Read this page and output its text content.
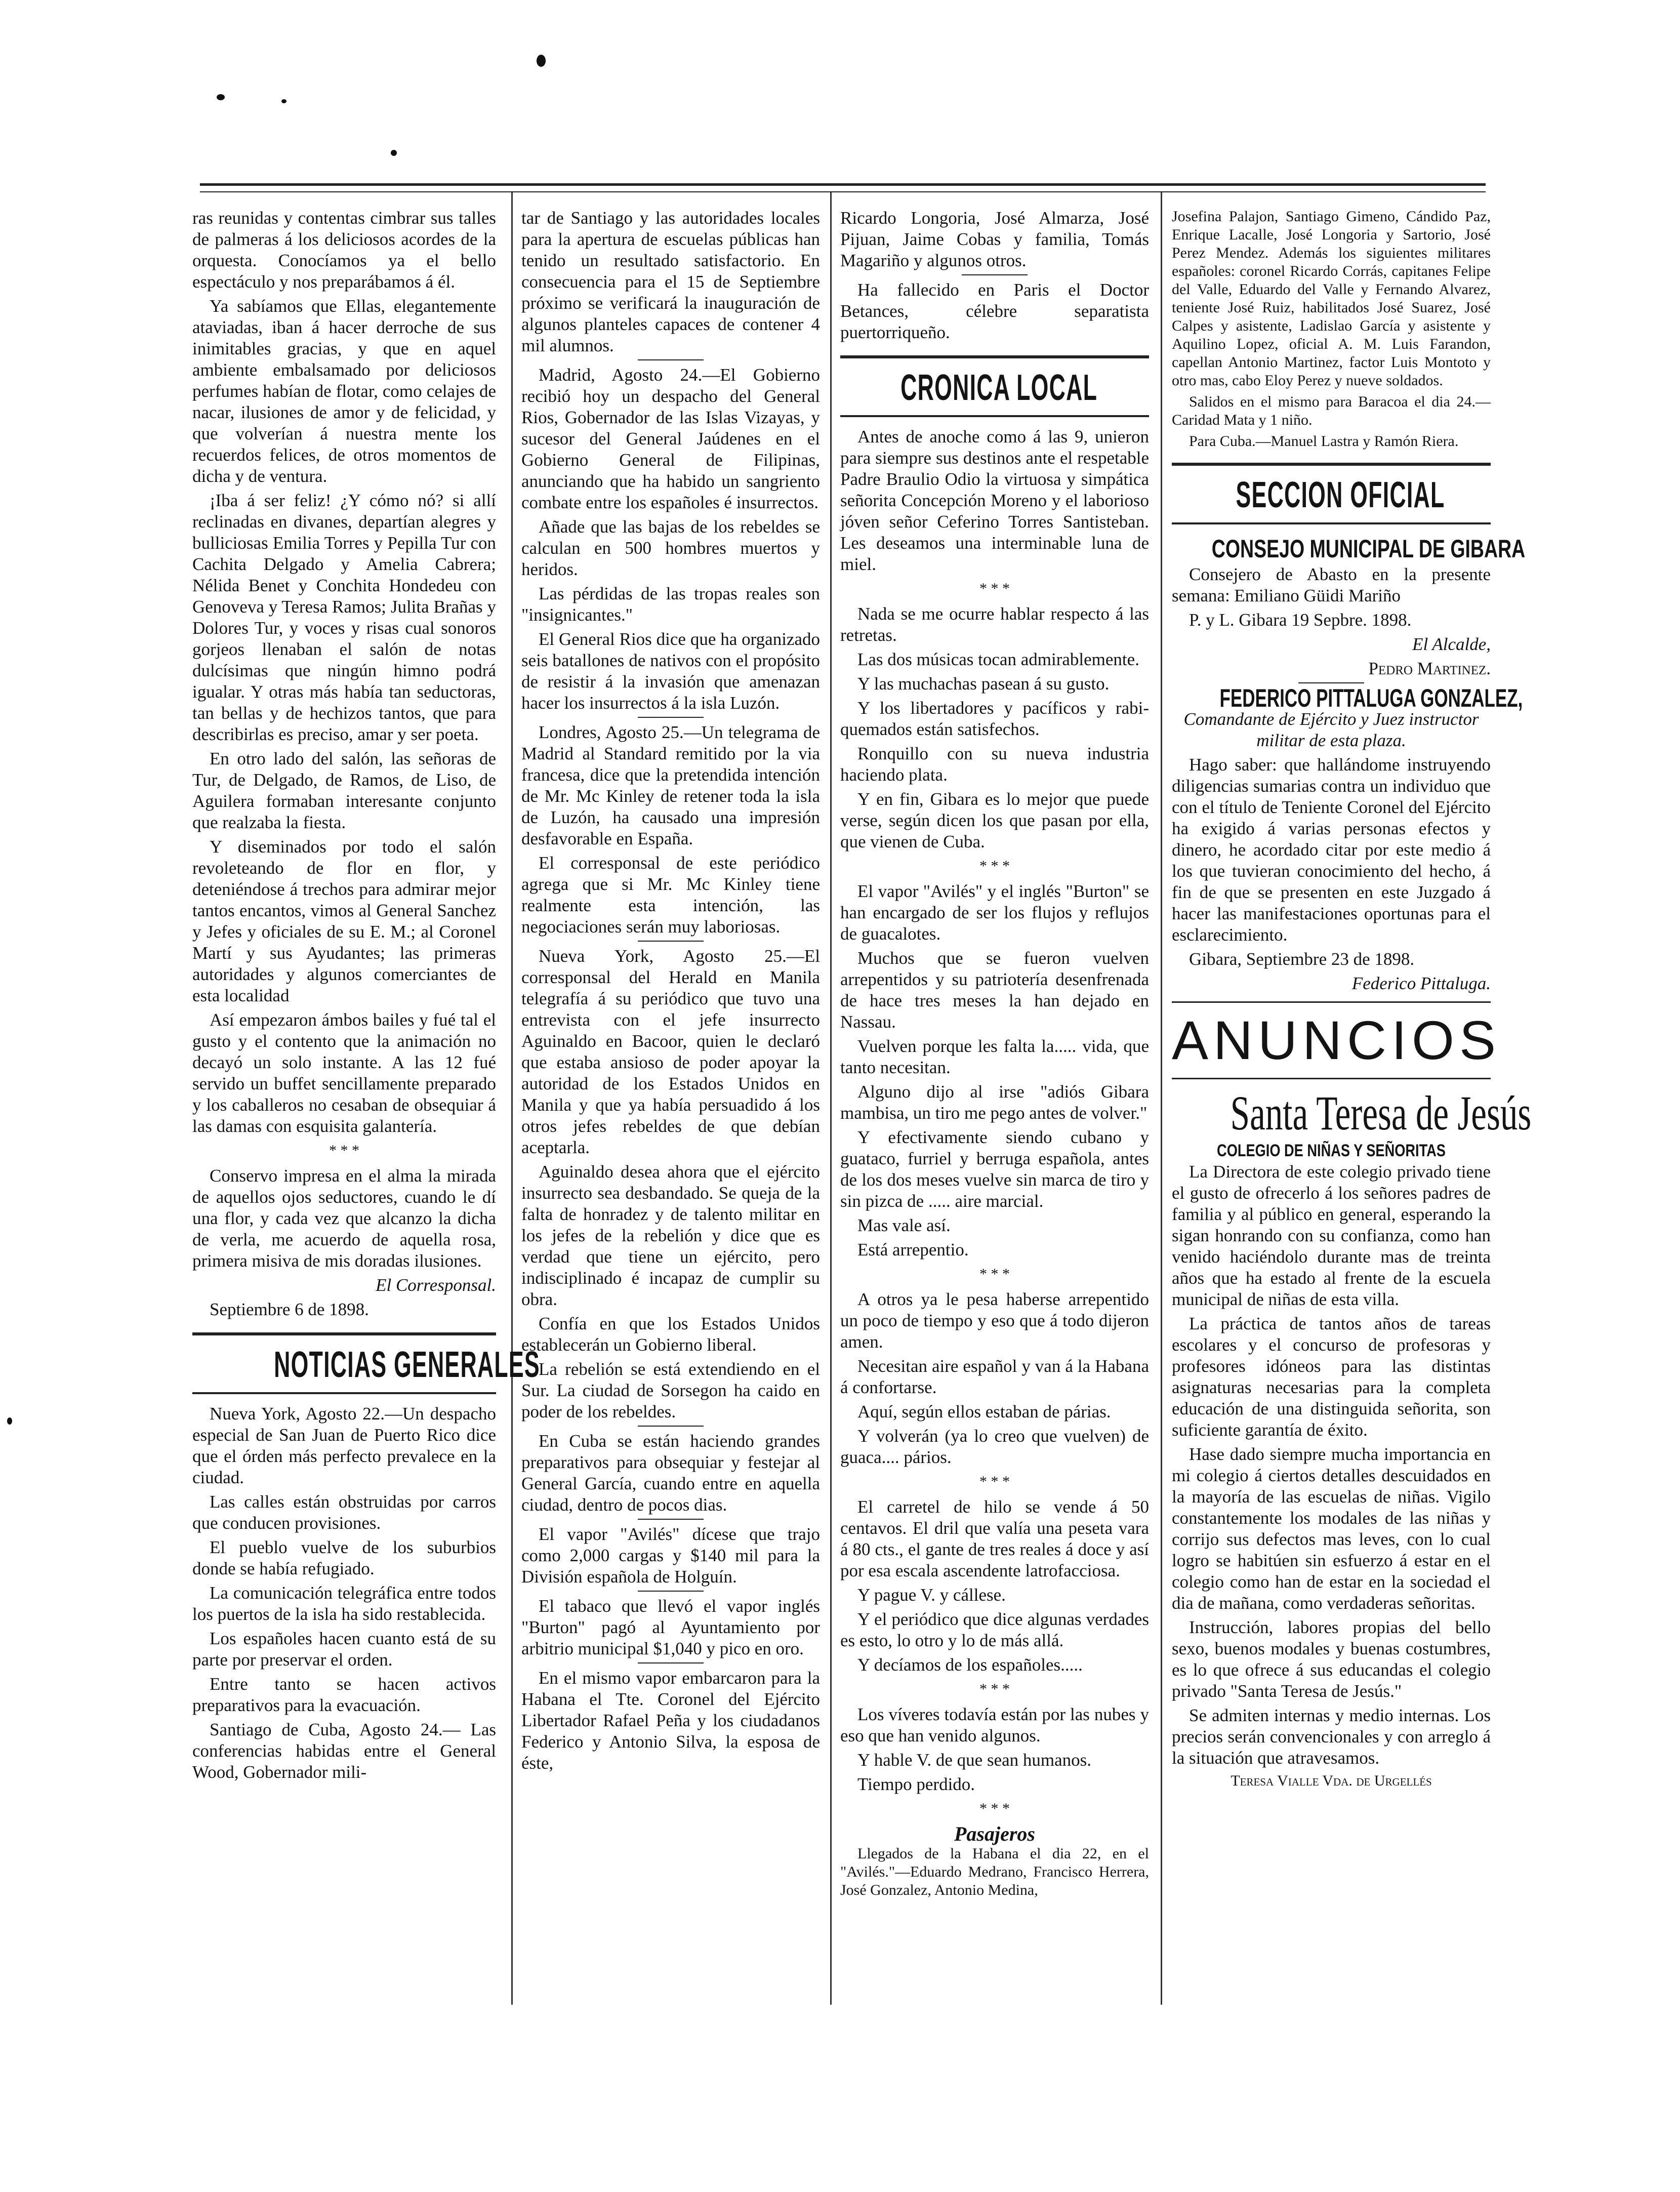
ras reunidas y contentas cimbrar sus talles de palmeras á los deliciosos acordes de la orquesta. Conocíamos ya el bello espectáculo y nos preparábamos á él.

Ya sabíamos que Ellas, elegantemente ataviadas, iban á hacer derroche de sus inimitables gracias, y que en aquel ambiente embalsamado por deliciosos perfumes habían de flotar, como celajes de nacar, ilusiones de amor y de felicidad, y que volverían á nuestra mente los recuerdos felices, de otros momentos de dicha y de ventura.

¡Iba á ser feliz! ¿Y cómo nó? si allí reclinadas en divanes, departían alegres y bulliciosas Emilia Torres y Pepilla Tur con Cachita Delgado y Amelia Cabrera; Nélida Benet y Conchita Hondedeu con Genoveva y Teresa Ramos; Julita Brañas y Dolores Tur, y voces y risas cual sonoros gorjeos llenaban el salón de notas dulcísimas que ningún himno podrá igualar. Y otras más había tan seductoras, tan bellas y de hechizos tantos, que para describirlas es preciso, amar y ser poeta.

En otro lado del salón, las señoras de Tur, de Delgado, de Ramos, de Liso, de Aguilera formaban interesante conjunto que realzaba la fiesta.

Y diseminados por todo el salón revoleteando de flor en flor, y deteniéndose á trechos para admirar mejor tantos encantos, vimos al General Sanchez y Jefes y oficiales de su E. M.; al Coronel Martí y sus Ayudantes; las primeras autoridades y algunos comerciantes de esta localidad

Así empezaron ámbos bailes y fué tal el gusto y el contento que la animación no decayó un solo instante. A las 12 fué servido un buffet sencillamente preparado y los caballeros no cesaban de obsequiar á las damas con esquisita galantería.

* * *

Conservo impresa en el alma la mirada de aquellos ojos seductores, cuando le dí una flor, y cada vez que alcanzo la dicha de verla, me acuerdo de aquella rosa, primera misiva de mis doradas ilusiones.

El Corresponsal.
Septiembre 6 de 1898.
NOTICIAS GENERALES

Nueva York, Agosto 22.—Un despacho especial de San Juan de Puerto Rico dice que el órden más perfecto prevalece en la ciudad.

Las calles están obstruidas por carros que conducen provisiones.

El pueblo vuelve de los suburbios donde se había refugiado.

La comunicación telegráfica entre todos los puertos de la isla ha sido restablecida.

Los españoles hacen cuanto está de su parte por preservar el orden.

Entre tanto se hacen activos preparativos para la evacuación.

Santiago de Cuba, Agosto 24.— Las conferencias habidas entre el General Wood, Gobernador mili-

tar de Santiago y las autoridades locales para la apertura de escuelas públicas han tenido un resultado satisfactorio. En consecuencia para el 15 de Septiembre próximo se verificará la inauguración de algunos planteles capaces de contener 4 mil alumnos.

Madrid, Agosto 24.—El Gobierno recibió hoy un despacho del General Rios, Gobernador de las Islas Vizayas, y sucesor del General Jaúdenes en el Gobierno General de Filipinas, anunciando que ha habido un sangriento combate entre los españoles é insurrectos.

Añade que las bajas de los rebeldes se calculan en 500 hombres muertos y heridos.

Las pérdidas de las tropas reales son "insignicantes."

El General Rios dice que ha organizado seis batallones de nativos con el propósito de resistir á la invasión que amenazan hacer los insurrectos á la isla Luzón.

Londres, Agosto 25.—Un telegrama de Madrid al Standard remitido por la via francesa, dice que la pretendida intención de Mr. Mc Kinley de retener toda la isla de Luzón, ha causado una impresión desfavorable en España.

El corresponsal de este periódico agrega que si Mr. Mc Kinley tiene realmente esta intención, las negociaciones serán muy laboriosas.

Nueva York, Agosto 25.—El corresponsal del Herald en Manila telegrafía á su periódico que tuvo una entrevista con el jefe insurrecto Aguinaldo en Bacoor, quien le declaró que estaba ansioso de poder apoyar la autoridad de los Estados Unidos en Manila y que ya había persuadido á los otros jefes rebeldes de que debían aceptarla.

Aguinaldo desea ahora que el ejército insurrecto sea desbandado. Se queja de la falta de honradez y de talento militar en los jefes de la rebelión y dice que es verdad que tiene un ejército, pero indisciplinado é incapaz de cumplir su obra.

Confía en que los Estados Unidos establecerán un Gobierno liberal.

La rebelión se está extendiendo en el Sur. La ciudad de Sorsegon ha caido en poder de los rebeldes.

En Cuba se están haciendo grandes preparativos para obsequiar y festejar al General García, cuando entre en aquella ciudad, dentro de pocos dias.

El vapor "Avilés" dícese que trajo como 2,000 cargas y $140 mil para la División española de Holguín.

El tabaco que llevó el vapor inglés "Burton" pagó al Ayuntamiento por arbitrio municipal $1,040 y pico en oro.

En el mismo vapor embarcaron para la Habana el Tte. Coronel del Ejército Libertador Rafael Peña y los ciudadanos Federico y Antonio Silva, la esposa de éste,

Ricardo Longoria, José Almarza, José Pijuan, Jaime Cobas y familia, Tomás Magariño y algunos otros.

Ha fallecido en Paris el Doctor Betances, célebre separatista puertorriqueño.

CRONICA LOCAL

Antes de anoche como á las 9, unieron para siempre sus destinos ante el respetable Padre Braulio Odio la virtuosa y simpática señorita Concepción Moreno y el laborioso jóven señor Ceferino Torres Santisteban. Les deseamos una interminable luna de miel.

* * *

Nada se me ocurre hablar respecto á las retretas.

Las dos músicas tocan admirablemente.

Y las muchachas pasean á su gusto.

Y los libertadores y pacíficos y rabi-quemados están satisfechos.

Ronquillo con su nueva industria haciendo plata.

Y en fin, Gibara es lo mejor que puede verse, según dicen los que pasan por ella, que vienen de Cuba.

* * *

El vapor "Avilés" y el inglés "Burton" se han encargado de ser los flujos y reflujos de guacalotes.

Muchos que se fueron vuelven arrepentidos y su patriotería desenfrenada de hace tres meses la han dejado en Nassau.

Vuelven porque les falta la..... vida, que tanto necesitan.

Alguno dijo al irse "adiós Gibara mambisa, un tiro me pego antes de volver."

Y efectivamente siendo cubano y guataco, furriel y berruga española, antes de los dos meses vuelve sin marca de tiro y sin pizca de ..... aire marcial.

Mas vale así.

Está arrepentio.

* * *

A otros ya le pesa haberse arrepentido un poco de tiempo y eso que á todo dijeron amen.

Necesitan aire español y van á la Habana á confortarse.

Aquí, según ellos estaban de párias.

Y volverán (ya lo creo que vuelven) de guaca.... pários.

* * *

El carretel de hilo se vende á 50 centavos. El dril que valía una peseta vara á 80 cts., el gante de tres reales á doce y así por esa escala ascendente latrofacciosa.

Y pague V. y cállese.

Y el periódico que dice algunas verdades es esto, lo otro y lo de más allá.

Y decíamos de los españoles.....

* * *

Los víveres todavía están por las nubes y eso que han venido algunos.

Y hable V. de que sean humanos.

Tiempo perdido.

* * *
Pasajeros

Llegados de la Habana el dia 22, en el "Avilés."—Eduardo Medrano, Francisco Herrera, José Gonzalez, Antonio Medina,

Josefina Palajon, Santiago Gimeno, Cándido Paz, Enrique Lacalle, José Longoria y Sartorio, José Perez Mendez. Además los siguientes militares españoles: coronel Ricardo Corrás, capitanes Felipe del Valle, Eduardo del Valle y Fernando Alvarez, teniente José Ruiz, habilitados José Suarez, José Calpes y asistente, Ladislao García y asistente y Aquilino Lopez, oficial A. M. Luis Farandon, capellan Antonio Martinez, factor Luis Montoto y otro mas, cabo Eloy Perez y nueve soldados.

Salidos en el mismo para Baracoa el dia 24.—Caridad Mata y 1 niño.

Para Cuba.—Manuel Lastra y Ramón Riera.

SECCION OFICIAL
CONSEJO MUNICIPAL DE GIBARA

Consejero de Abasto en la presente semana: Emiliano Güidi Mariño

P. y L. Gibara 19 Sepbre. 1898.

El Alcalde,
Pedro Martinez.
FEDERICO PITTALUGA GONZALEZ,

Comandante de Ejército y Juez instructor militar de esta plaza.

Hago saber: que hallándome instruyendo diligencias sumarias contra un individuo que con el título de Teniente Coronel del Ejército ha exigido á varias personas efectos y dinero, he acordado citar por este medio á los que tuvieran conocimiento del hecho, á fin de que se presenten en este Juzgado á hacer las manifestaciones oportunas para el esclarecimiento.

Gibara, Septiembre 23 de 1898.

Federico Pittaluga.
ANUNCIOS
Santa Teresa de Jesús
COLEGIO DE NIÑAS Y SEÑORITAS

La Directora de este colegio privado tiene el gusto de ofrecerlo á los señores padres de familia y al público en general, esperando la sigan honrando con su confianza, como han venido haciéndolo durante mas de treinta años que ha estado al frente de la escuela municipal de niñas de esta villa.

La práctica de tantos años de tareas escolares y el concurso de profesoras y profesores idóneos para las distintas asignaturas necesarias para la completa educación de una distinguida señorita, son suficiente garantía de éxito.

Hase dado siempre mucha importancia en mi colegio á ciertos detalles descuidados en la mayoría de las escuelas de niñas. Vigilo constantemente los modales de las niñas y corrijo sus defectos mas leves, con lo cual logro se habitúen sin esfuerzo á estar en el colegio como han de estar en la sociedad el dia de mañana, como verdaderas señoritas.

Instrucción, labores propias del bello sexo, buenos modales y buenas costumbres, es lo que ofrece á sus educandas el colegio privado "Santa Teresa de Jesús."

Se admiten internas y medio internas. Los precios serán convencionales y con arreglo á la situación que atravesamos.

Teresa Vialle Vda. de Urgellés
